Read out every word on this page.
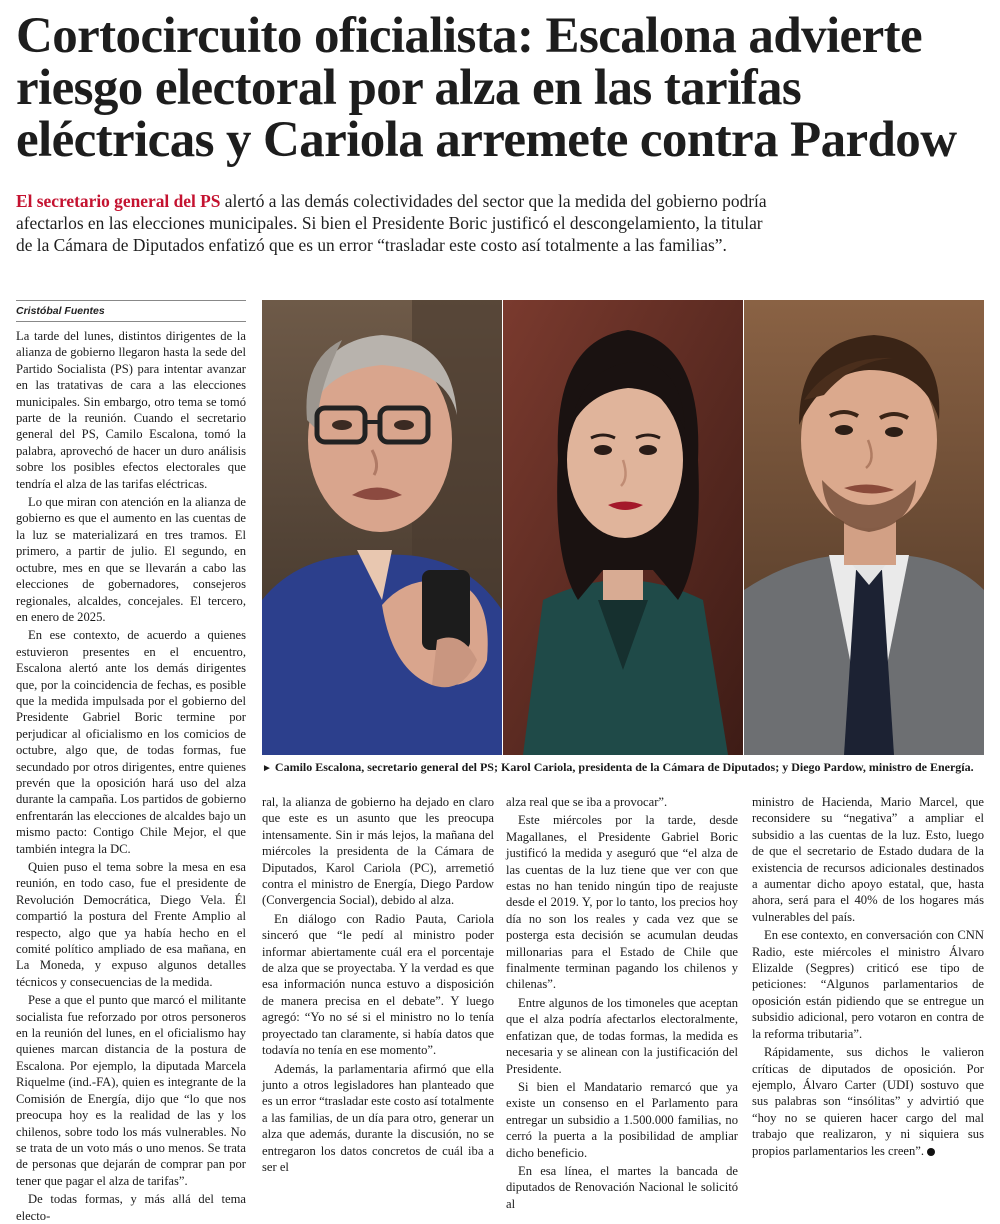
Cortocircuito oficialista: Escalona advierte
riesgo electoral por alza en las tarifas
eléctricas y Cariola arremete contra Pardow
El secretario general del PS alertó a las demás colectividades del sector que la medida del gobierno podría
afectarlos en las elecciones municipales. Si bien el Presidente Boric justificó el descongelamiento, la titular
de la Cámara de Diputados enfatizó que es un error “trasladar este costo así totalmente a las familias”.
Cristóbal Fuentes

La tarde del lunes, distintos dirigentes de la alianza de gobierno llegaron hasta la sede del Partido Socialista (PS) para intentar avanzar en las tratativas de cara a las elecciones municipales. Sin embargo, otro tema se tomó parte de la reunión. Cuando el secretario general del PS, Camilo Escalona, tomó la palabra, aprovechó de hacer un duro análisis sobre los posibles efectos electorales que tendría el alza de las tarifas eléctricas.

Lo que miran con atención en la alianza de gobierno es que el aumento en las cuentas de la luz se materializará en tres tramos. El primero, a partir de julio. El segundo, en octubre, mes en que se llevarán a cabo las elecciones de gobernadores, consejeros regionales, alcaldes, concejales. El tercero, en enero de 2025.

En ese contexto, de acuerdo a quienes estuvieron presentes en el encuentro, Escalona alertó ante los demás dirigentes que, por la coincidencia de fechas, es posible que la medida impulsada por el gobierno del Presidente Gabriel Boric termine por perjudicar al oficialismo en los comicios de octubre, algo que, de todas formas, fue secundado por otros dirigentes, entre quienes prevén que la oposición hará uso del alza durante la campaña. Los partidos de gobierno enfrentarán las elecciones de alcaldes bajo un mismo pacto: Contigo Chile Mejor, el que también integra la DC.

Quien puso el tema sobre la mesa en esa reunión, en todo caso, fue el presidente de Revolución Democrática, Diego Vela. Él compartió la postura del Frente Amplio al respecto, algo que ya había hecho en el comité político ampliado de esa mañana, en La Moneda, y expuso algunos detalles técnicos y consecuencias de la medida.

Pese a que el punto que marcó el militante socialista fue reforzado por otros personeros en la reunión del lunes, en el oficialismo hay quienes marcan distancia de la postura de Escalona. Por ejemplo, la diputada Marcela Riquelme (ind.-FA), quien es integrante de la Comisión de Energía, dijo que “lo que nos preocupa hoy es la realidad de las y los chilenos, sobre todo los más vulnerables. No se trata de un voto más o uno menos. Se trata de personas que dejarán de comprar pan por tener que pagar el alza de tarifas”.

De todas formas, y más allá del tema electo-

► Camilo Escalona, secretario general del PS; Karol Cariola, presidenta de la Cámara de Diputados; y Diego Pardow, ministro de Energía.

ral, la alianza de gobierno ha dejado en claro que este es un asunto que les preocupa intensamente. Sin ir más lejos, la mañana del miércoles la presidenta de la Cámara de Diputados, Karol Cariola (PC), arremetió contra el ministro de Energía, Diego Pardow (Convergencia Social), debido al alza.

En diálogo con Radio Pauta, Cariola sinceró que “le pedí al ministro poder informar abiertamente cuál era el porcentaje de alza que se proyectaba. Y la verdad es que esa información nunca estuvo a disposición de manera precisa en el debate”. Y luego agregó: “Yo no sé si el ministro no lo tenía proyectado tan claramente, si había datos que todavía no tenía en ese momento”.

Además, la parlamentaria afirmó que ella junto a otros legisladores han planteado que es un error “trasladar este costo así totalmente a las familias, de un día para otro, generar un alza que además, durante la discusión, no se entregaron los datos concretos de cuál iba a ser el

alza real que se iba a provocar”.

Este miércoles por la tarde, desde Magallanes, el Presidente Gabriel Boric justificó la medida y aseguró que “el alza de las cuentas de la luz tiene que ver con que estas no han tenido ningún tipo de reajuste desde el 2019. Y, por lo tanto, los precios hoy día no son los reales y cada vez que se posterga esta decisión se acumulan deudas millonarias para el Estado de Chile que finalmente terminan pagando los chilenos y chilenas”.

Entre algunos de los timoneles que aceptan que el alza podría afectarlos electoralmente, enfatizan que, de todas formas, la medida es necesaria y se alinean con la justificación del Presidente.

Si bien el Mandatario remarcó que ya existe un consenso en el Parlamento para entregar un subsidio a 1.500.000 familias, no cerró la puerta a la posibilidad de ampliar dicho beneficio.

En esa línea, el martes la bancada de diputados de Renovación Nacional le solicitó al

ministro de Hacienda, Mario Marcel, que reconsidere su “negativa” a ampliar el subsidio a las cuentas de la luz. Esto, luego de que el secretario de Estado dudara de la existencia de recursos adicionales destinados a aumentar dicho apoyo estatal, que, hasta ahora, será para el 40% de los hogares más vulnerables del país.

En ese contexto, en conversación con CNN Radio, este miércoles el ministro Álvaro Elizalde (Segpres) criticó ese tipo de peticiones: “Algunos parlamentarios de oposición están pidiendo que se entregue un subsidio adicional, pero votaron en contra de la reforma tributaria”.

Rápidamente, sus dichos le valieron críticas de diputados de oposición. Por ejemplo, Álvaro Carter (UDI) sostuvo que sus palabras son “insólitas” y advirtió que “hoy no se quieren hacer cargo del mal trabajo que realizaron, y ni siquiera sus propios parlamentarios les creen”.
